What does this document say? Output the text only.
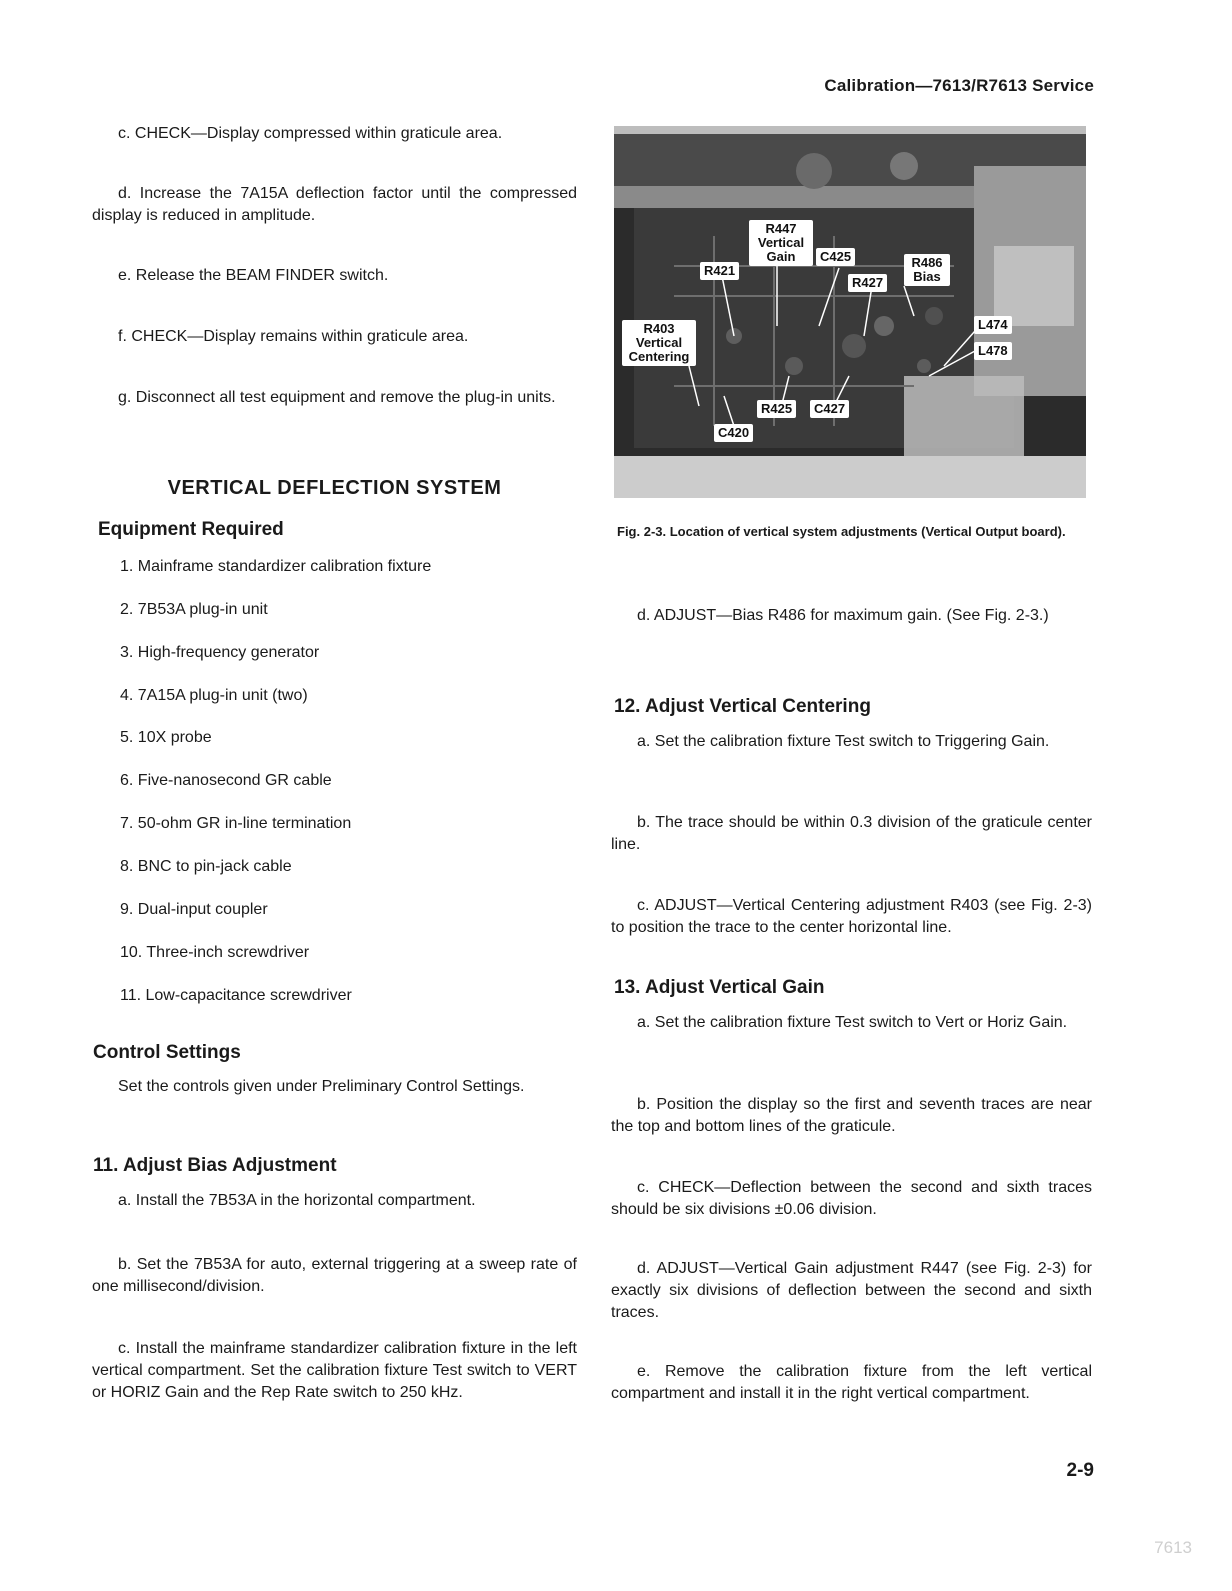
Calibration—7613/R7613 Service
c. CHECK—Display compressed within graticule area.
d. Increase the 7A15A deflection factor until the compressed display is reduced in amplitude.
e. Release the BEAM FINDER switch.
f. CHECK—Display remains within graticule area.
g. Disconnect all test equipment and remove the plug-in units.
VERTICAL DEFLECTION SYSTEM
Equipment Required
1. Mainframe standardizer calibration fixture
2. 7B53A plug-in unit
3. High-frequency generator
4. 7A15A plug-in unit (two)
5. 10X probe
6. Five-nanosecond GR cable
7. 50-ohm GR in-line termination
8. BNC to pin-jack cable
9. Dual-input coupler
10. Three-inch screwdriver
11. Low-capacitance screwdriver
Control Settings
Set the controls given under Preliminary Control Settings.
11. Adjust Bias Adjustment
a. Install the 7B53A in the horizontal compartment.
b. Set the 7B53A for auto, external triggering at a sweep rate of one millisecond/division.
c. Install the mainframe standardizer calibration fixture in the left vertical compartment. Set the calibration fixture Test switch to VERT or HORIZ Gain and the Rep Rate switch to 250 kHz.
R447 Vertical Gain
R421
C425	R486 Bias
R427
R403 Vertical Centering
L474
L478
R425	C427
C420
Fig. 2-3. Location of vertical system adjustments (Vertical Output board).
d. ADJUST—Bias R486 for maximum gain. (See Fig. 2-3.)
12. Adjust Vertical Centering
a. Set the calibration fixture Test switch to Triggering Gain.
b. The trace should be within 0.3 division of the graticule center line.
c. ADJUST—Vertical Centering adjustment R403 (see Fig. 2-3) to position the trace to the center horizontal line.
13. Adjust Vertical Gain
a. Set the calibration fixture Test switch to Vert or Horiz Gain.
b. Position the display so the first and seventh traces are near the top and bottom lines of the graticule.
c. CHECK—Deflection between the second and sixth traces should be six divisions ±0.06 division.
d. ADJUST—Vertical Gain adjustment R447 (see Fig. 2-3) for exactly six divisions of deflection between the second and sixth traces.
e. Remove the calibration fixture from the left vertical compartment and install it in the right vertical compartment.
2-9
7613
